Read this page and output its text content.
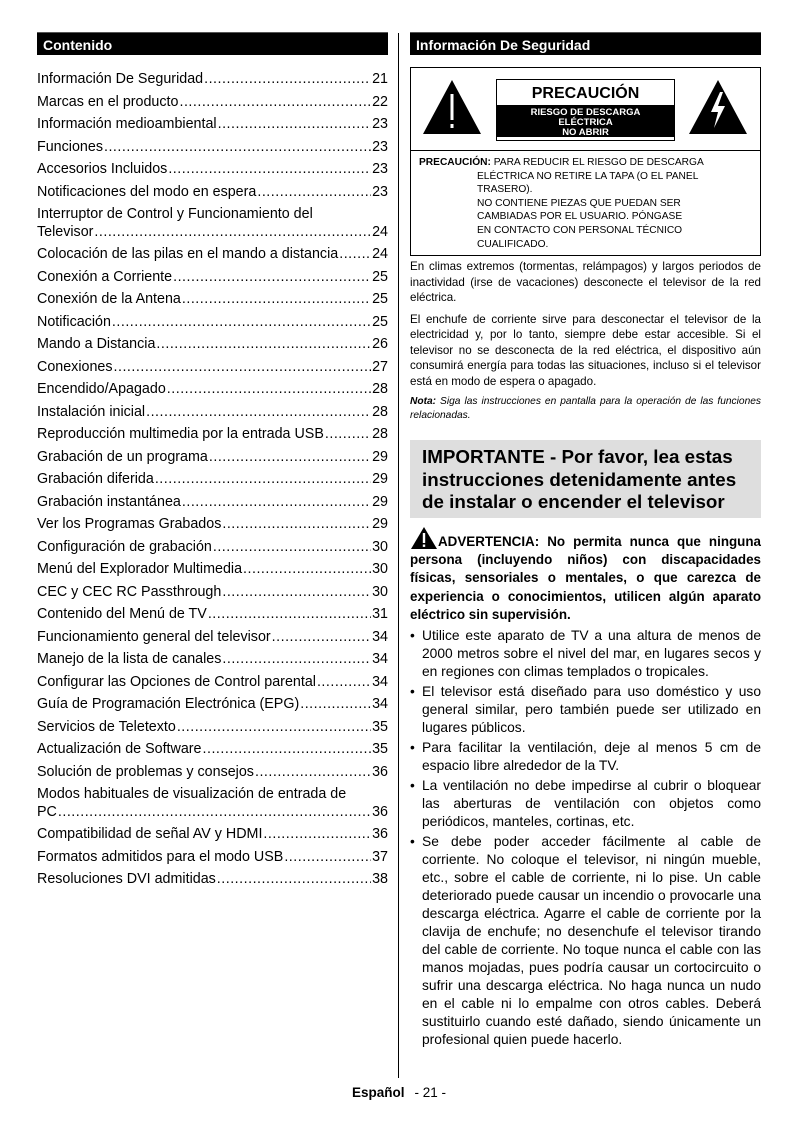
Contenido
Información De Seguridad .....	21
Marcas en el producto .....	22
Información medioambiental .....	23
Funciones .....	23
Accesorios Incluidos .....	23
Notificaciones del modo en espera .....	23
Interruptor de Control y Funcionamiento del
Televisor .....	24
Colocación de las pilas en el mando a distancia ..... 24
Conexión a Corriente .....	25
Conexión de la Antena .....	25
Notificación .....	25
Mando a Distancia .....	26
Conexiones .....	27
Encendido/Apagado .....	28
Instalación inicial .....	28
Reproducción multimedia por la entrada USB .....	28
Grabación de un programa .....	29
Grabación diferida .....	29
Grabación instantánea .....	29
Ver los Programas Grabados .....	29
Configuración de grabación .....	30
Menú del Explorador Multimedia .....	30
CEC y CEC RC Passthrough .....	30
Contenido del Menú de TV .....	31
Funcionamiento general del televisor .....	34
Manejo de la lista de canales .....	34
Configurar las Opciones de Control parental .....	34
Guía de Programación Electrónica (EPG) .....	34
Servicios de Teletexto .....	35
Actualización de Software .....	35
Solución de problemas y consejos .....	36
Modos habituales de visualización de entrada de
PC .....	36
Compatibilidad de señal AV y HDMI .....	36
Formatos admitidos para el modo USB .....	37
Resoluciones DVI admitidas .....	38
Información De Seguridad
PRECAUCIÓN
RIESGO DE DESCARGA
ELÉCTRICA
NO ABRIR
PRECAUCIÓN: PARA REDUCIR EL RIESGO DE DESCARGA
ELÉCTRICA NO RETIRE LA TAPA (O EL PANEL
TRASERO).
NO CONTIENE PIEZAS QUE PUEDAN SER
CAMBIADAS POR EL USUARIO. PÓNGASE
EN CONTACTO CON PERSONAL TÉCNICO
CUALIFICADO.
En climas extremos (tormentas, relámpagos) y largos periodos de inactividad (irse de vacaciones) desconecte el televisor de la red eléctrica.
El enchufe de corriente sirve para desconectar el televisor de la electricidad y, por lo tanto, siempre debe estar accesible. Si el televisor no se desconecta de la red eléctrica, el dispositivo aún consumirá energía para todas las situaciones, incluso si el televisor está en modo de espera o apagado.
Nota: Siga las instrucciones en pantalla para la operación de las funciones relacionadas.
IMPORTANTE - Por favor, lea estas instrucciones detenidamente antes de instalar o encender el televisor
ADVERTENCIA: No permita nunca que ninguna persona (incluyendo niños) con discapacidades físicas, sensoriales o mentales, o que carezca de experiencia o conocimientos, utilicen algún aparato eléctrico sin supervisión.
• Utilice este aparato de TV a una altura de menos de 2000 metros sobre el nivel del mar, en lugares secos y en regiones con climas templados o tropicales.
• El televisor está diseñado para uso doméstico y uso general similar, pero también puede ser utilizado en lugares públicos.
• Para facilitar la ventilación, deje al menos 5 cm de espacio libre alrededor de la TV.
• La ventilación no debe impedirse al cubrir o bloquear las aberturas de ventilación con objetos como periódicos, manteles, cortinas, etc.
• Se debe poder acceder fácilmente al cable de corriente. No coloque el televisor, ni ningún mueble, etc., sobre el cable de corriente, ni lo pise. Un cable deteriorado puede causar un incendio o provocarle una descarga eléctrica. Agarre el cable de corriente por la clavija de enchufe; no desenchufe el televisor tirando del cable de corriente. No toque nunca el cable con las manos mojadas, pues podría causar un cortocircuito o sufrir una descarga eléctrica. No haga nunca un nudo en el cable ni lo empalme con otros cables. Deberá sustituirlo cuando esté dañado, siendo únicamente un profesional quien puede hacerlo.
Español - 21 -
